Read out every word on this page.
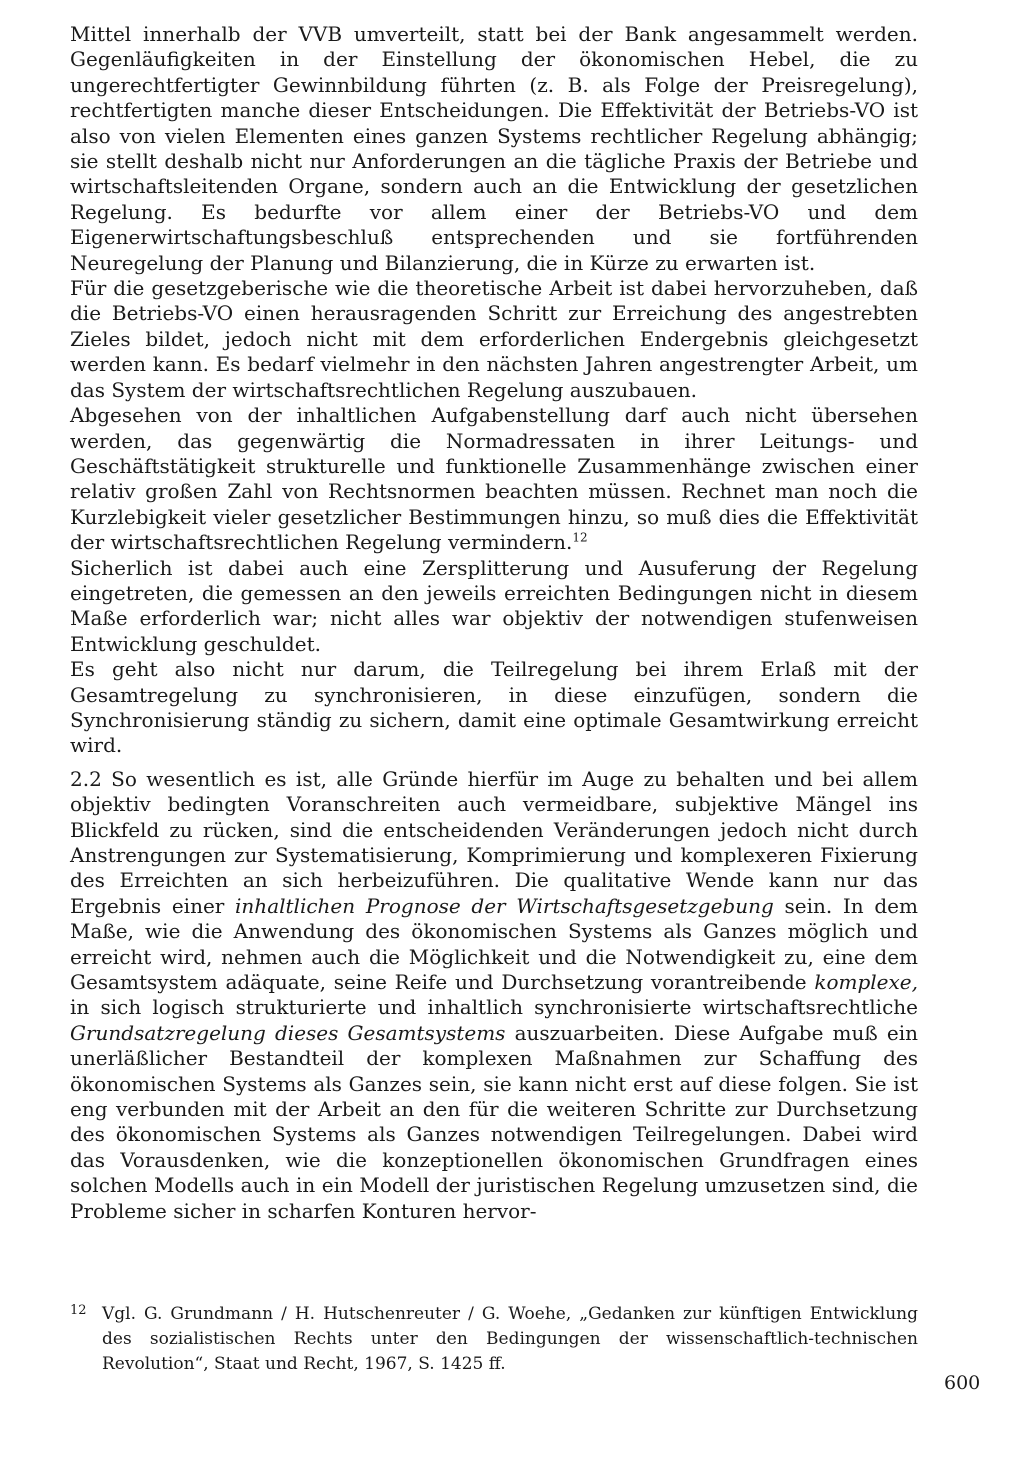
Mittel innerhalb der VVB umverteilt, statt bei der Bank angesammelt werden. Gegenläufigkeiten in der Einstellung der ökonomischen Hebel, die zu ungerechtfertigter Gewinnbildung führten (z. B. als Folge der Preisregelung), rechtfertigten manche dieser Entscheidungen. Die Effektivität der Betriebs-VO ist also von vielen Elementen eines ganzen Systems rechtlicher Regelung abhängig; sie stellt deshalb nicht nur Anforderungen an die tägliche Praxis der Betriebe und wirtschaftsleitenden Organe, sondern auch an die Entwicklung der gesetzlichen Regelung. Es bedurfte vor allem einer der Betriebs-VO und dem Eigenerwirtschaftungsbeschluß entsprechenden und sie fortführenden Neuregelung der Planung und Bilanzierung, die in Kürze zu erwarten ist.

Für die gesetzgeberische wie die theoretische Arbeit ist dabei hervorzuheben, daß die Betriebs-VO einen herausragenden Schritt zur Erreichung des angestrebten Zieles bildet, jedoch nicht mit dem erforderlichen Endergebnis gleichgesetzt werden kann. Es bedarf vielmehr in den nächsten Jahren angestrengter Arbeit, um das System der wirtschaftsrechtlichen Regelung auszubauen.

Abgesehen von der inhaltlichen Aufgabenstellung darf auch nicht übersehen werden, das gegenwärtig die Normadressaten in ihrer Leitungs- und Geschäftstätigkeit strukturelle und funktionelle Zusammenhänge zwischen einer relativ großen Zahl von Rechtsnormen beachten müssen. Rechnet man noch die Kurzlebigkeit vieler gesetzlicher Bestimmungen hinzu, so muß dies die Effektivität der wirtschaftsrechtlichen Regelung vermindern.$^{12}$

Sicherlich ist dabei auch eine Zersplitterung und Ausuferung der Regelung eingetreten, die gemessen an den jeweils erreichten Bedingungen nicht in diesem Maße erforderlich war; nicht alles war objektiv der notwendigen stufenweisen Entwicklung geschuldet.

Es geht also nicht nur darum, die Teilregelung bei ihrem Erlaß mit der Gesamtregelung zu synchronisieren, in diese einzufügen, sondern die Synchronisierung ständig zu sichern, damit eine optimale Gesamtwirkung erreicht wird.

2.2 So wesentlich es ist, alle Gründe hierfür im Auge zu behalten und bei allem objektiv bedingten Voranschreiten auch vermeidbare, subjektive Mängel ins Blickfeld zu rücken, sind die entscheidenden Veränderungen jedoch nicht durch Anstrengungen zur Systematisierung, Komprimierung und komplexeren Fixierung des Erreichten an sich herbeizuführen. Die qualitative Wende kann nur das Ergebnis einer inhaltlichen Prognose der Wirtschaftsgesetzgebung sein. In dem Maße, wie die Anwendung des ökonomischen Systems als Ganzes möglich und erreicht wird, nehmen auch die Möglichkeit und die Notwendigkeit zu, eine dem Gesamtsystem adäquate, seine Reife und Durchsetzung vorantreibende komplexe, in sich logisch strukturierte und inhaltlich synchronisierte wirtschaftsrechtliche Grundsatzregelung dieses Gesamtsystems auszuarbeiten. Diese Aufgabe muß ein unerläßlicher Bestandteil der komplexen Maßnahmen zur Schaffung des ökonomischen Systems als Ganzes sein, sie kann nicht erst auf diese folgen. Sie ist eng verbunden mit der Arbeit an den für die weiteren Schritte zur Durchsetzung des ökonomischen Systems als Ganzes notwendigen Teilregelungen. Dabei wird das Vorausdenken, wie die konzeptionellen ökonomischen Grundfragen eines solchen Modells auch in ein Modell der juristischen Regelung umzusetzen sind, die Probleme sicher in scharfen Konturen hervor-

12 Vgl. G. Grundmann / H. Hutschenreuter / G. Woehe, „Gedanken zur künftigen Entwicklung des sozialistischen Rechts unter den Bedingungen der wissenschaftlich-technischen Revolution“, Staat und Recht, 1967, S. 1425 ff.

600
